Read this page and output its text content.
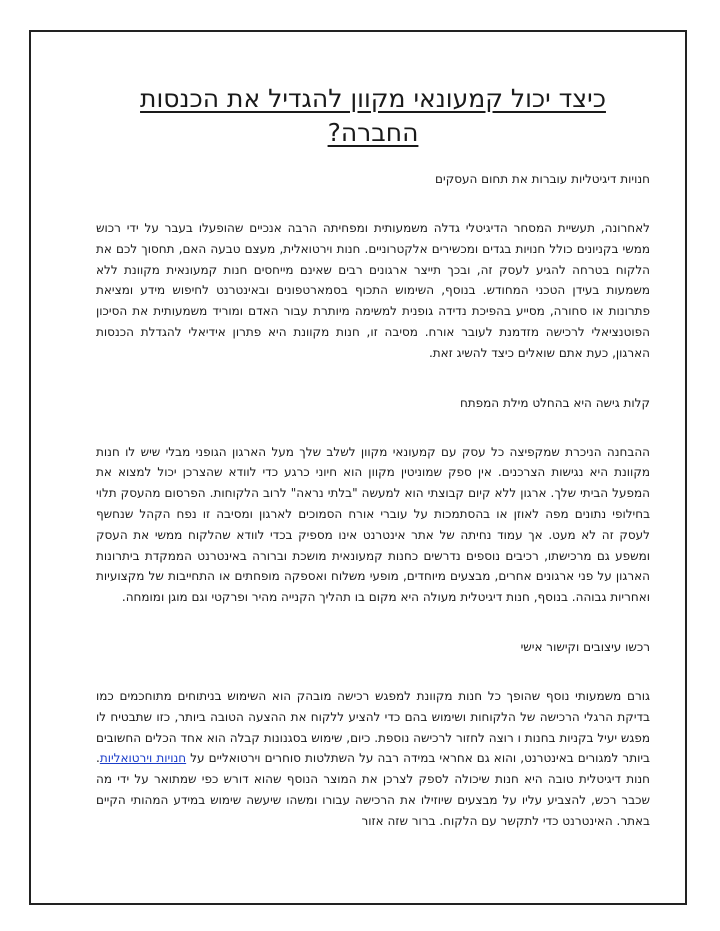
כיצד יכול קמעונאי מקוון להגדיל את הכנסות החברה?

חנויות דיגיטליות עוברות את תחום העסקים

לאחרונה, תעשיית המסחר הדיגיטלי גדלה משמעותית ומפחיתה הרבה אנכיים שהופעלו בעבר על ידי רכוש ממשי בקניונים כולל חנויות בגדים ומכשירים אלקטרוניים. חנות וירטואלית, מעצם טבעה האם, תחסוך לכם את הלקוח בטרחה להגיע לעסק זה, ובכך תייצר ארגונים רבים שאינם מייחסים חנות קמעונאית מקוונת ללא משמעות בעידן הטכני המחודש. בנוסף, השימוש התכוף בסמארטפונים ובאינטרנט לחיפוש מידע ומציאת פתרונות או סחורה, מסייע בהפיכת נדידה גופנית למשימה מיותרת עבור האדם ומוריד משמעותית את הסיכון הפוטנציאלי לרכישה מזדמנת לעובר אורח. מסיבה זו, חנות מקוונת היא פתרון אידיאלי להגדלת הכנסות הארגון, כעת אתם שואלים כיצד להשיג זאת.

קלות גישה היא בהחלט מילת המפתח

ההבחנה הניכרת שמקפיצה כל עסק עם קמעונאי מקוון לשלב שלך מעל הארגון הגופני מבלי שיש לו חנות מקוונת היא נגישות הצרכנים. אין ספק שמוניטין מקוון הוא חיוני כרגע כדי לוודא שהצרכן יכול למצוא את המפעל הביתי שלך. ארגון ללא קיום קבוצתי הוא למעשה "בלתי נראה" לרוב הלקוחות. הפרסום מהעסק תלוי בחילופי נתונים מפה לאוזן או בהסתמכות על עוברי אורח הסמוכים לארגון ומסיבה זו נפח הקהל שנחשף לעסק זה לא מעט. אך עמוד נחיתה של אתר אינטרנט אינו מספיק בכדי לוודא שהלקוח ממשי את העסק ומשפע גם מרכישתו, רכיבים נוספים נדרשים כחנות קמעונאית מושכת וברורה באינטרנט הממקדת ביתרונות הארגון על פני ארגונים אחרים, מבצעים מיוחדים, מופעי משלוח ואספקה מופחתים או התחייבות של מקצועיות ואחריות גבוהה. בנוסף, חנות דיגיטלית מעולה היא מקום בו תהליך הקנייה מהיר ופרקטי וגם מוגן ומומחה.

רכשו עיצובים וקישור אישי

גורם משמעותי נוסף שהופך כל חנות מקוונת למפגש רכישה מובהק הוא השימוש בניתוחים מתוחכמים כמו בדיקת הרגלי הרכישה של הלקוחות ושימוש בהם כדי להציע ללקוח את ההצעה הטובה ביותר, כזו שתבטיח לו מפגש יעיל בקניות בחנות ו רוצה לחזור לרכישה נוספת. כיום, שימוש בסגנונות קבלה הוא אחד הכלים החשובים ביותר למגורים באינטרנט, והוא גם אחראי במידה רבה על השתלטות סוחרים וירטואליים על חנויות וירטואליות. חנות דיגיטלית טובה היא חנות שיכולה לספק לצרכן את המוצר הנוסף שהוא דורש כפי שמתואר על ידי מה שכבר רכש, להצביע עליו על מבצעים שיוזילו את הרכישה עבורו ומשהו שיעשה שימוש במידע המהותי הקיים באתר. האינטרנט כדי לתקשר עם הלקוח. ברור שזה אזור
